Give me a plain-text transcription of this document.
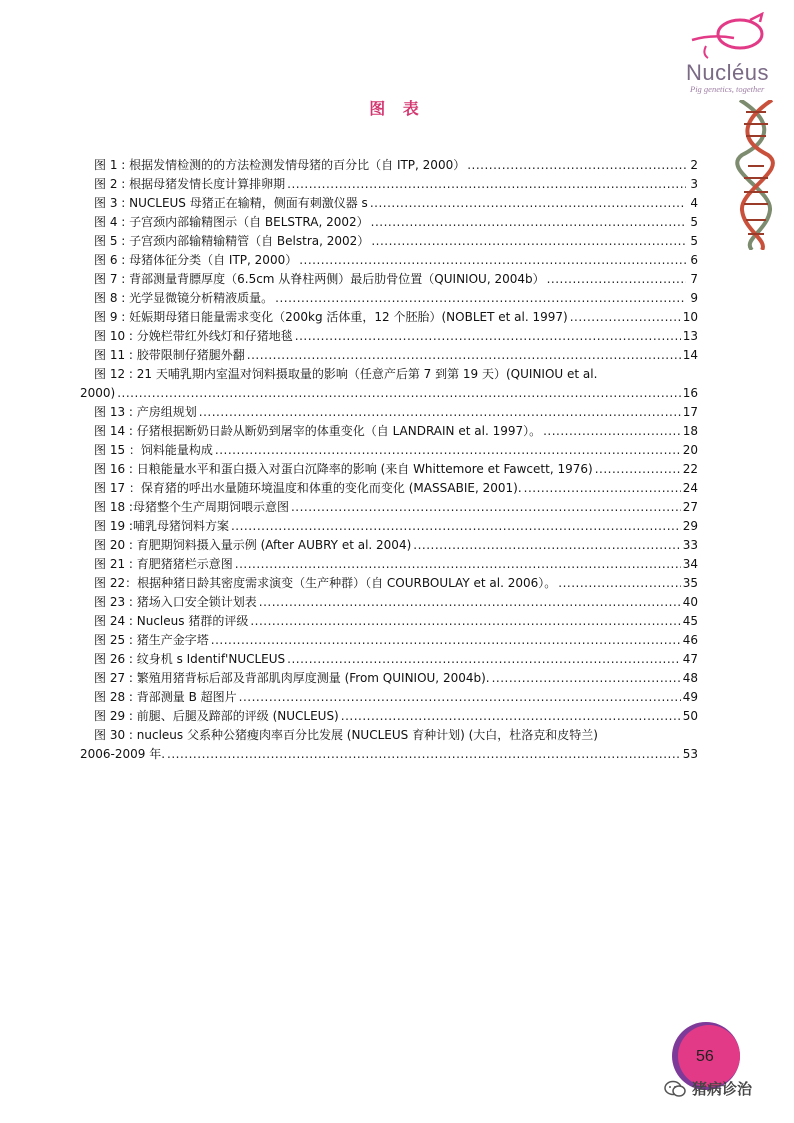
Nucléus
Pig genetics, together
图 表
图 1 : 根据发情检测的的方法检测发情母猪的百分比（自 ITP, 2000） .....	2
图 2 : 根据母猪发情长度计算排卵期 .....	3
图 3 : NUCLEUS 母猪正在输精，侧面有刺激仪器 s .....	4
图 4 : 子宫颈内部输精图示（自 BELSTRA, 2002） .....	5
图 5 : 子宫颈内部输精输精管（自 Belstra, 2002） .....	5
图 6 : 母猪体征分类（自 ITP, 2000） .....	6
图 7 : 背部测量背膘厚度（6.5cm 从脊柱两侧）最后肋骨位置（QUINIOU, 2004b） .....	7
图 8 : 光学显微镜分析精液质量。 .....	9
图 9 : 妊娠期母猪日能量需求变化（200kg 活体重，12 个胚胎）(NOBLET et al. 1997) .....	10
图 10 : 分娩栏带红外线灯和仔猪地毯 .....	13
图 11 : 胶带限制仔猪腿外翻 .....	14
图 12 : 21 天哺乳期内室温对饲料摄取量的影响（任意产后第 7 到第 19 天）(QUINIOU et al.
2000) .....	16
图 13 : 产房组规划 .....	17
图 14 : 仔猪根据断奶日龄从断奶到屠宰的体重变化（自 LANDRAIN et al. 1997）。 .....	18
图 15 ：饲料能量构成 .....	20
图 16 : 日粮能量水平和蛋白摄入对蛋白沉降率的影响 (来自 Whittemore et Fawcett, 1976) .....	22
图 17 ：保育猪的呼出水量随环境温度和体重的变化而变化 (MASSABIE, 2001). .....	24
图 18 :母猪整个生产周期饲喂示意图 .....	27
图 19 :哺乳母猪饲料方案 .....	29
图 20 : 育肥期饲料摄入量示例 (After AUBRY et al. 2004) .....	33
图 21 : 育肥猪猪栏示意图 .....	34
图 22：根据种猪日龄其密度需求演变（生产种群）（自 COURBOULAY et al. 2006）。 .....	35
图 23 : 猪场入口安全锁计划表 .....	40
图 24 : Nucleus 猪群的评级 .....	45
图 25 : 猪生产金字塔 .....	46
图 26 : 纹身机 s Identif'NUCLEUS .....	47
图 27 : 繁殖用猪背标后部及背部肌肉厚度测量 (From QUINIOU, 2004b). .....	48
图 28 : 背部测量 B 超图片 .....	49
图 29 : 前腿、后腿及蹄部的评级 (NUCLEUS) .....	50
图 30 : nucleus 父系种公猪瘦肉率百分比发展 (NUCLEUS 育种计划) (大白，杜洛克和皮特兰)
2006-2009 年. .....	53
56
猪病诊治
